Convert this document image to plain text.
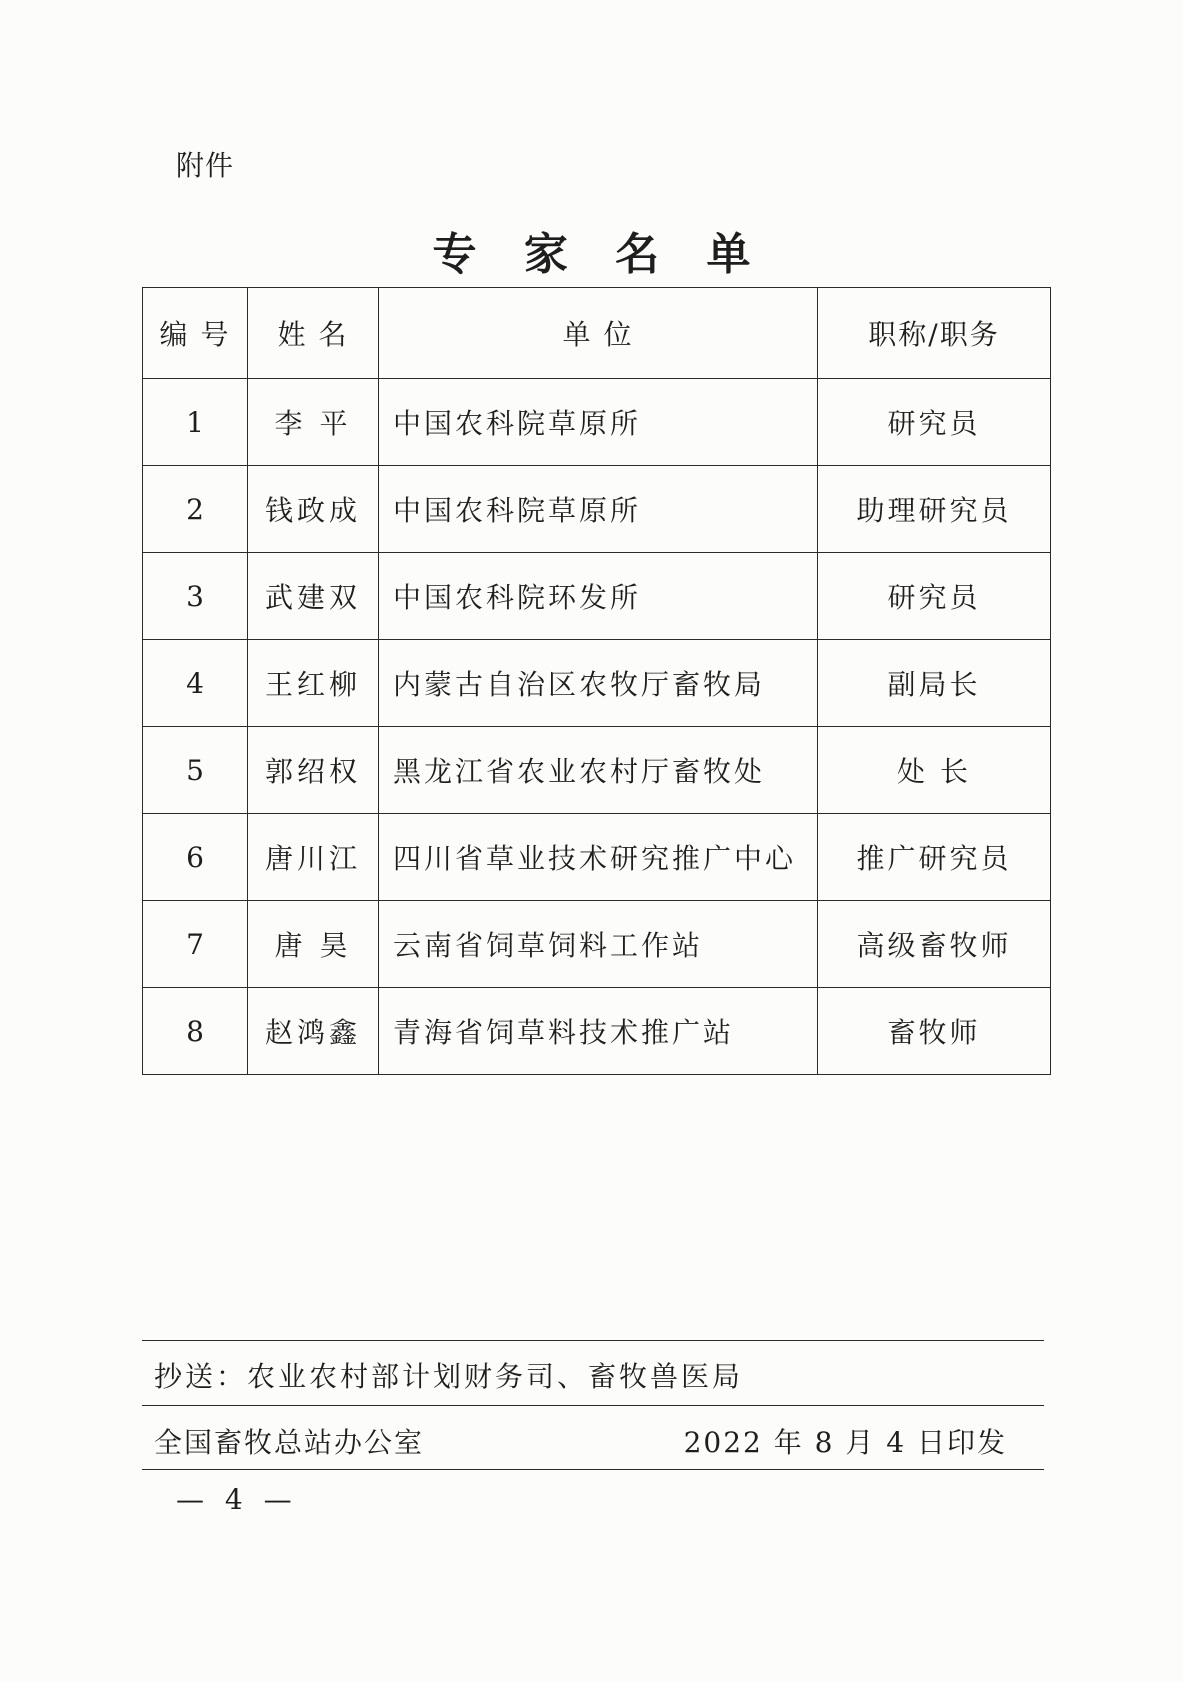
附件
专 家 名 单
编 号	姓 名	单 位	职称/职务
1	李 平	中国农科院草原所	研究员
2	钱政成	中国农科院草原所	助理研究员
3	武建双	中国农科院环发所	研究员
4	王红柳	内蒙古自治区农牧厅畜牧局	副局长
5	郭绍权	黑龙江省农业农村厅畜牧处	处 长
6	唐川江	四川省草业技术研究推广中心	推广研究员
7	唐 昊	云南省饲草饲料工作站	高级畜牧师
8	赵鸿鑫	青海省饲草料技术推广站	畜牧师
抄送：农业农村部计划财务司、畜牧兽医局
全国畜牧总站办公室	2022 年 8 月 4 日印发
— 4 —
